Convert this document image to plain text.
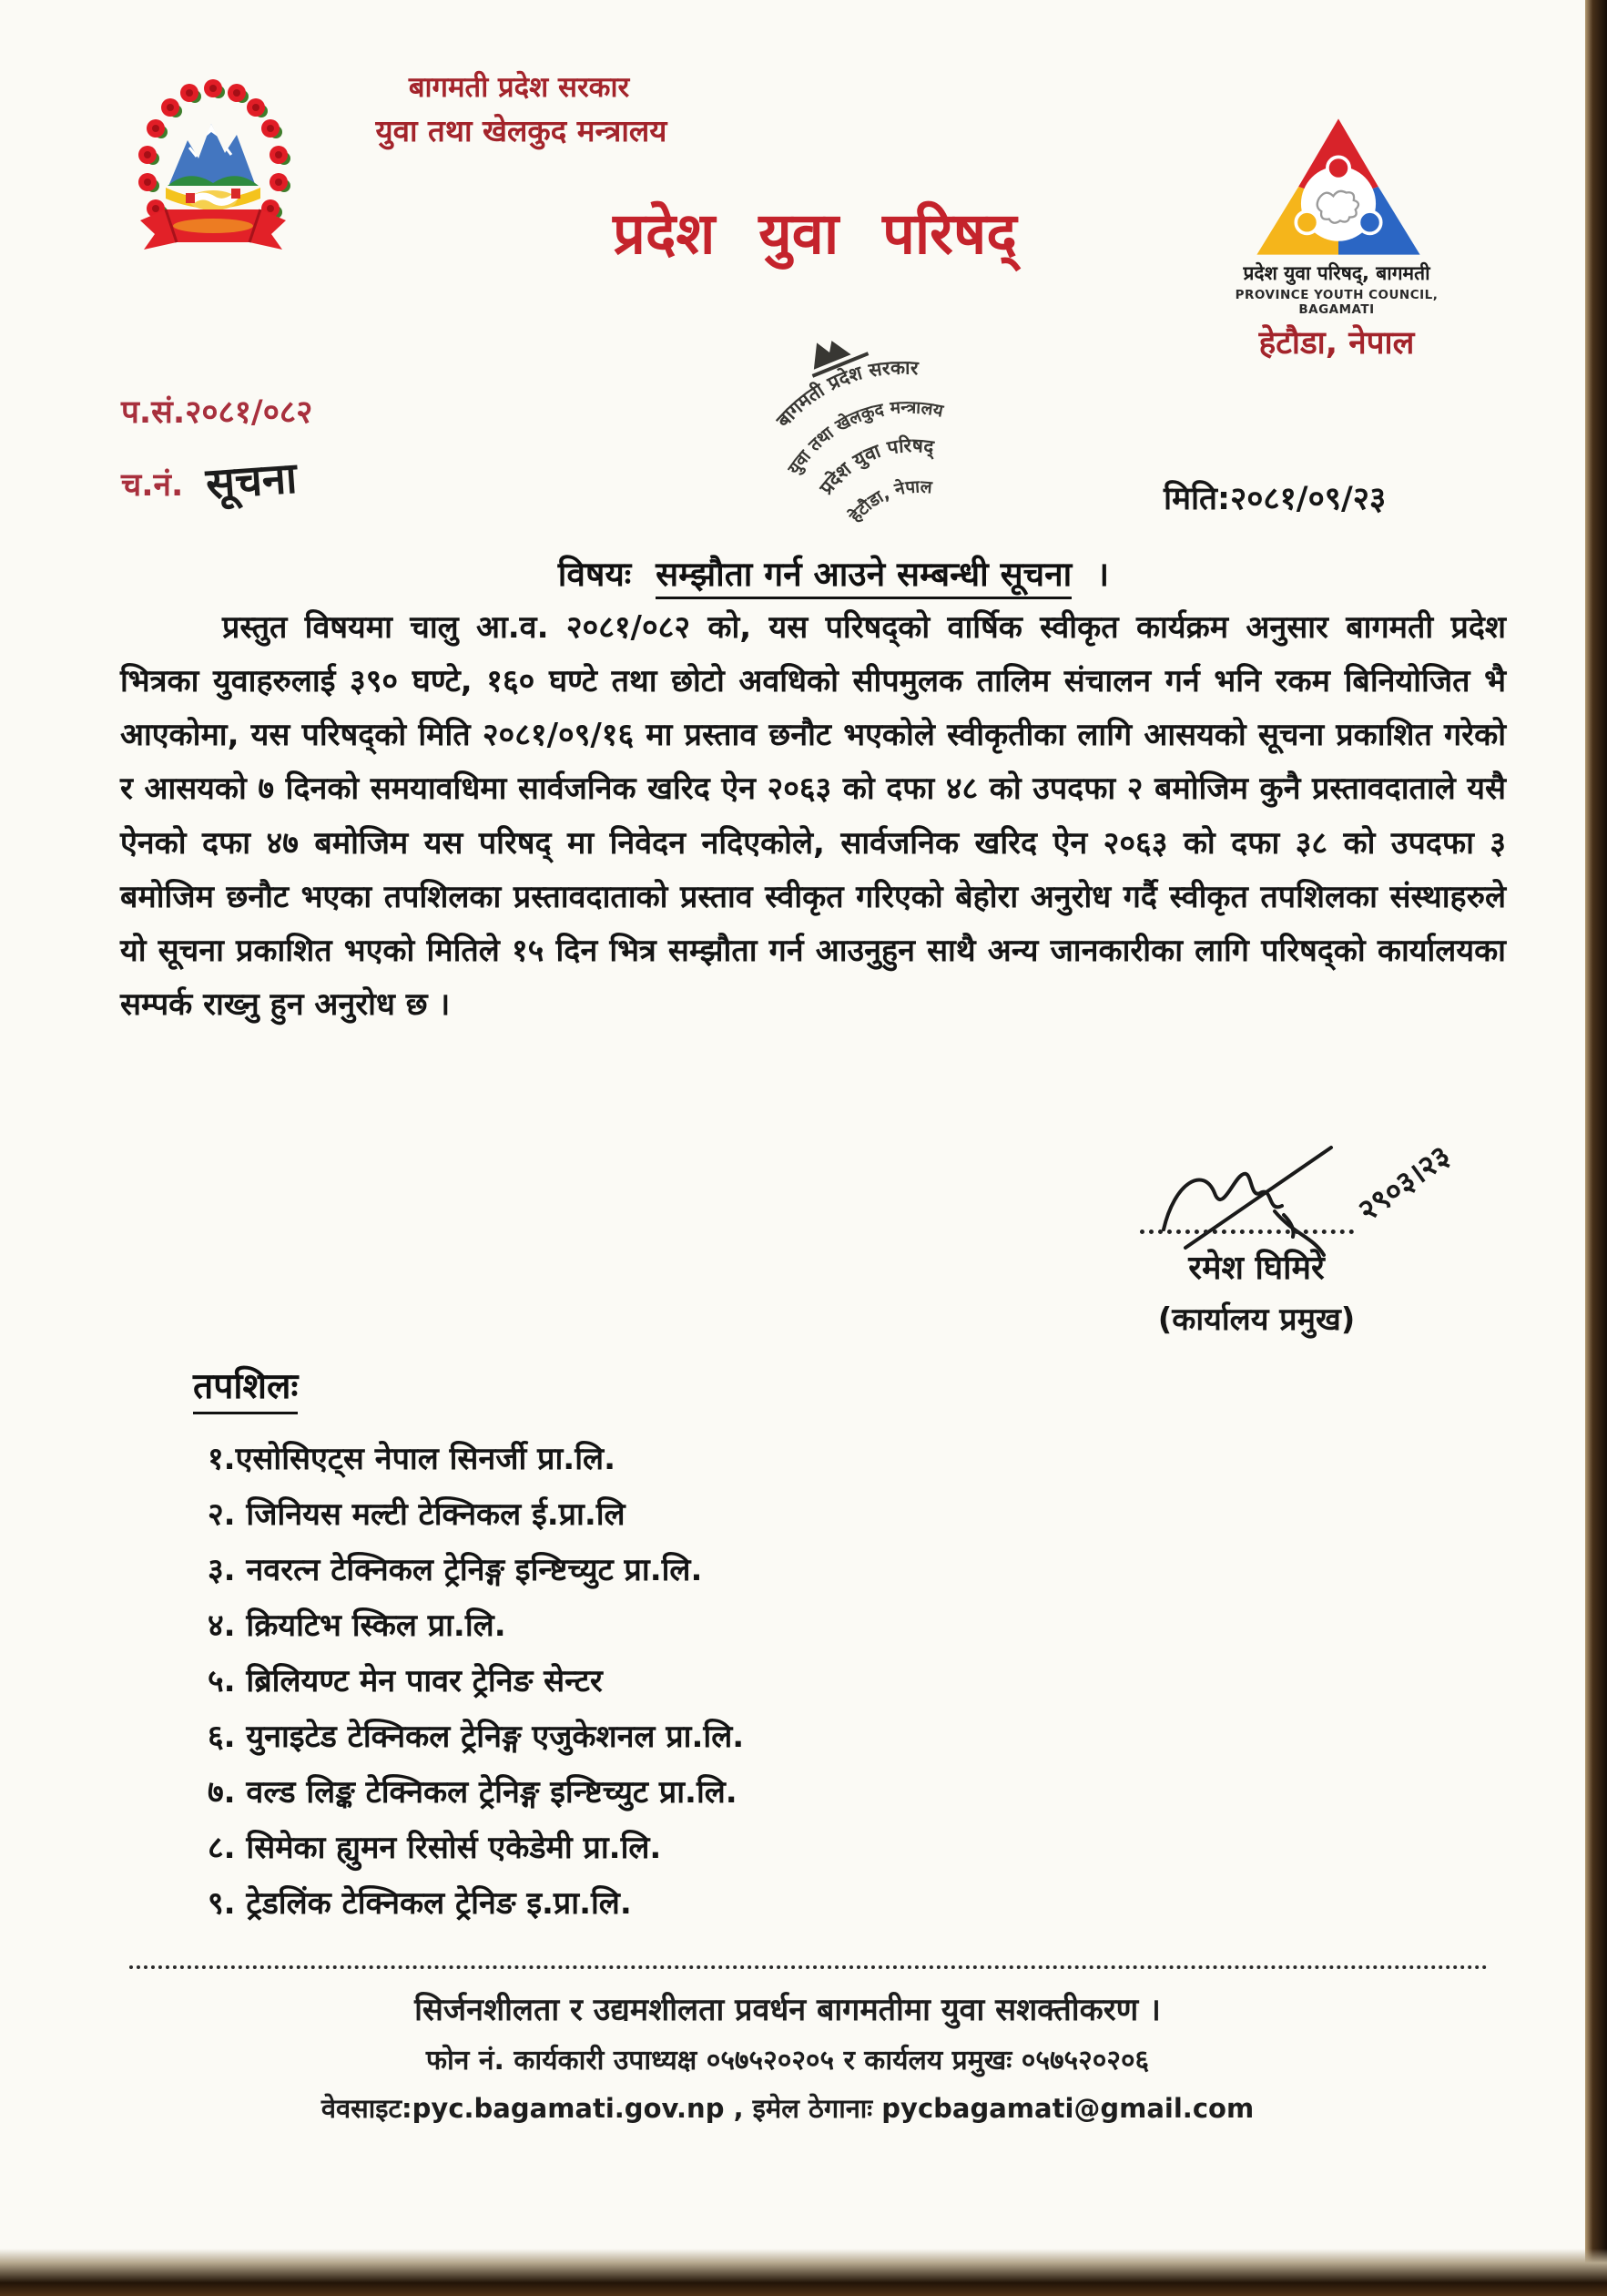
बागमती प्रदेश सरकार
युवा तथा खेलकुद मन्त्रालय
प्रदेश युवा परिषद्
प्रदेश युवा परिषद्, बागमती
PROVINCE YOUTH COUNCIL, BAGAMATI
हेटौडा, नेपाल
बागमती प्रदेश सरकार
युवा तथा खेलकुद मन्त्रालय
प्रदेश युवा परिषद्
हेटौडा, नेपाल
प.सं.२०८१/०८२
च.नं. सूचना	मिति:२०८१/०९/२३
विषयः सम्झौता गर्न आउने सम्बन्धी सूचना ।

प्रस्तुत विषयमा चालु आ.व. २०८१/०८२ को, यस परिषद्को वार्षिक स्वीकृत कार्यक्रम अनुसार बागमती प्रदेश भित्रका युवाहरुलाई ३९० घण्टे, १६० घण्टे तथा छोटो अवधिको सीपमुलक तालिम संचालन गर्न भनि रकम बिनियोजित भै आएकोमा, यस परिषद्को मिति २०८१/०९/१६ मा प्रस्ताव छनौट भएकोले स्वीकृतीका लागि आसयको सूचना प्रकाशित गरेको र आसयको ७ दिनको समयावधिमा सार्वजनिक खरिद ऐन २०६३ को दफा ४८ को उपदफा २ बमोजिम कुनै प्रस्तावदाताले यसै ऐनको दफा ४७ बमोजिम यस परिषद् मा निवेदन नदिएकोले, सार्वजनिक खरिद ऐन २०६३ को दफा ३८ को उपदफा ३ बमोजिम छनौट भएका तपशिलका प्रस्तावदाताको प्रस्ताव स्वीकृत गरिएको बेहोरा अनुरोध गर्दै स्वीकृत तपशिलका संस्थाहरुले यो सूचना प्रकाशित भएको मितिले १५ दिन भित्र सम्झौता गर्न आउनुहुन साथै अन्य जानकारीका लागि परिषद्को कार्यालयका सम्पर्क राख्नु हुन अनुरोध छ ।

२९०३।२३
रमेश घिमिरे
(कार्यालय प्रमुख)
तपशिलः
१.एसोसिएट्स नेपाल सिनर्जी प्रा.लि.
२. जिनियस मल्टी टेक्निकल ई.प्रा.लि
३. नवरत्न टेक्निकल ट्रेनिङ्ग इन्ष्टिच्युट प्रा.लि.
४. क्रियटिभ स्किल प्रा.लि.
५. ब्रिलियण्ट मेन पावर ट्रेनिङ सेन्टर
६. युनाइटेड टेक्निकल ट्रेनिङ्ग एजुकेशनल प्रा.लि.
७. वल्ड लिङ्क टेक्निकल ट्रेनिङ्ग इन्ष्टिच्युट प्रा.लि.
८. सिमेका ह्युमन रिसोर्स एकेडेमी प्रा.लि.
९. ट्रेडलिंक टेक्निकल ट्रेनिङ इ.प्रा.लि.
सिर्जनशीलता र उद्यमशीलता प्रवर्धन बागमतीमा युवा सशक्तीकरण ।
फोन नं. कार्यकारी उपाध्यक्ष ०५७५२०२०५ र कार्यलय प्रमुखः ०५७५२०२०६
वेवसाइट:pyc.bagamati.gov.np , इमेल ठेगानाः pycbagamati@gmail.com
